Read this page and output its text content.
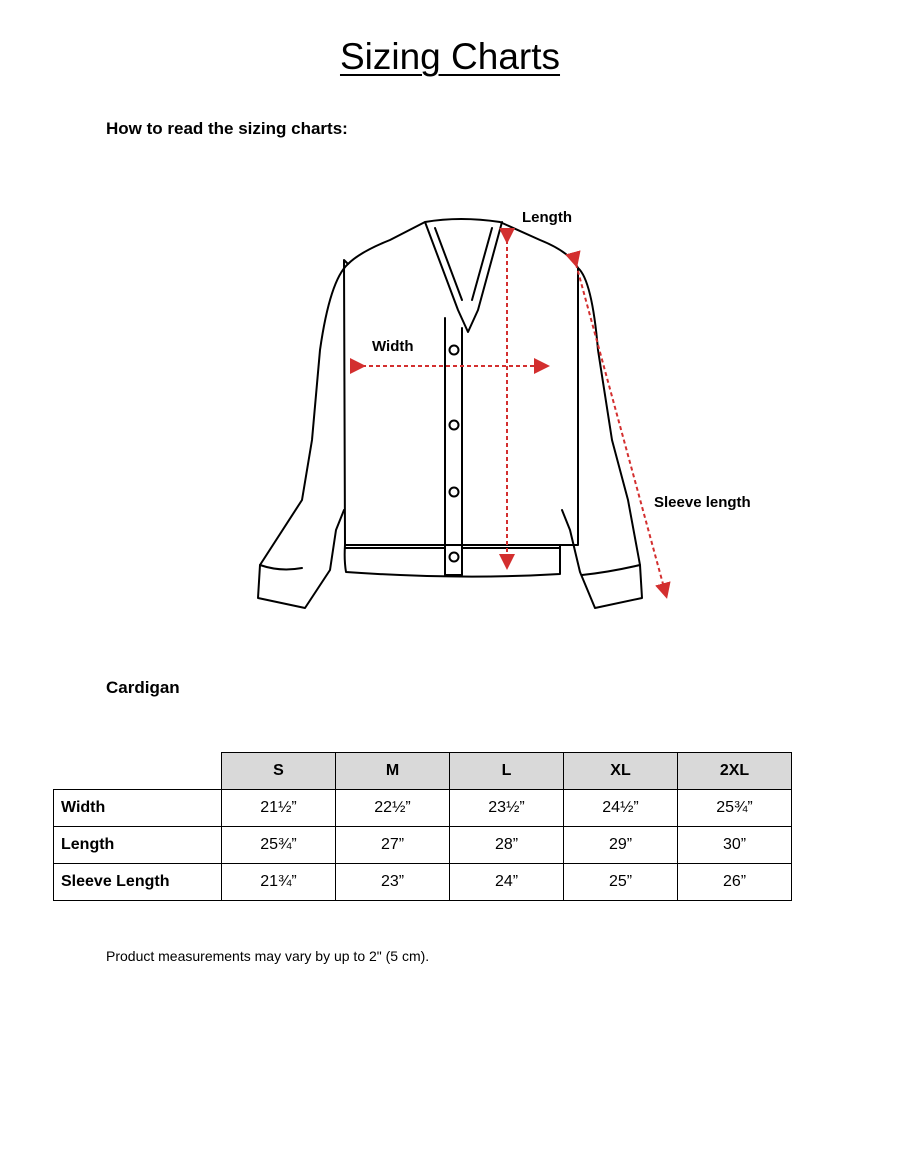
Sizing Charts
How to read the sizing charts:
Length
Width
Sleeve length
Cardigan
	S	M	L	XL	2XL
Width	21½”	22½”	23½”	24½”	25¾”
Length	25¾”	27”	28”	29”	30”
Sleeve Length	21¾”	23”	24”	25”	26”

Product measurements may vary by up to 2" (5 cm).
